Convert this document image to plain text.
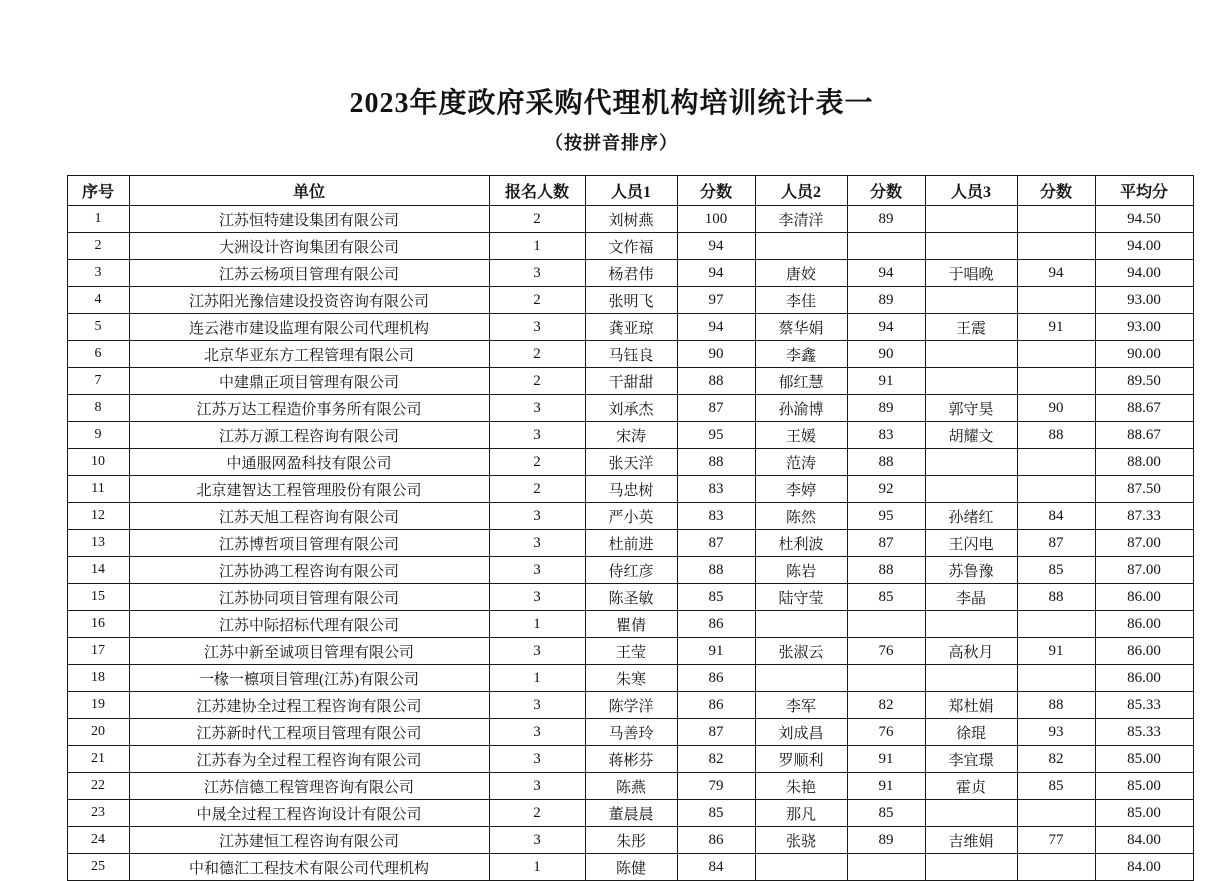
2023年度政府采购代理机构培训统计表一
（按拼音排序）
序号	单位	报名人数	人员1	分数	人员2	分数	人员3	分数	平均分
1	江苏恒特建设集团有限公司	2	刘树燕	100	李清洋	89			94.50
2	大洲设计咨询集团有限公司	1	文作福	94					94.00
3	江苏云杨项目管理有限公司	3	杨君伟	94	唐姣	94	于唱晚	94	94.00
4	江苏阳光豫信建设投资咨询有限公司	2	张明飞	97	李佳	89			93.00
5	连云港市建设监理有限公司代理机构	3	龚亚琼	94	蔡华娟	94	王震	91	93.00
6	北京华亚东方工程管理有限公司	2	马钰良	90	李鑫	90			90.00
7	中建鼎正项目管理有限公司	2	干甜甜	88	郁红慧	91			89.50
8	江苏万达工程造价事务所有限公司	3	刘承杰	87	孙渝博	89	郭守昊	90	88.67
9	江苏万源工程咨询有限公司	3	宋涛	95	王媛	83	胡耀文	88	88.67
10	中通服网盈科技有限公司	2	张天洋	88	范涛	88			88.00
11	北京建智达工程管理股份有限公司	2	马忠树	83	李婷	92			87.50
12	江苏天旭工程咨询有限公司	3	严小英	83	陈然	95	孙绪红	84	87.33
13	江苏博哲项目管理有限公司	3	杜前进	87	杜利波	87	王闪电	87	87.00
14	江苏协鸿工程咨询有限公司	3	侍红彦	88	陈岩	88	苏鲁豫	85	87.00
15	江苏协同项目管理有限公司	3	陈圣敏	85	陆守莹	85	李晶	88	86.00
16	江苏中际招标代理有限公司	1	瞿倩	86					86.00
17	江苏中新至诚项目管理有限公司	3	王莹	91	张淑云	76	高秋月	91	86.00
18	一椽一檩项目管理(江苏)有限公司	1	朱寒	86					86.00
19	江苏建协全过程工程咨询有限公司	3	陈学洋	86	李军	82	郑杜娟	88	85.33
20	江苏新时代工程项目管理有限公司	3	马善玲	87	刘成昌	76	徐琨	93	85.33
21	江苏春为全过程工程咨询有限公司	3	蒋彬芬	82	罗顺利	91	李宜璟	82	85.00
22	江苏信德工程管理咨询有限公司	3	陈燕	79	朱艳	91	霍贞	85	85.00
23	中晟全过程工程咨询设计有限公司	2	董晨晨	85	那凡	85			85.00
24	江苏建恒工程咨询有限公司	3	朱彤	86	张骁	89	吉维娟	77	84.00
25	中和德汇工程技术有限公司代理机构	1	陈健	84					84.00
